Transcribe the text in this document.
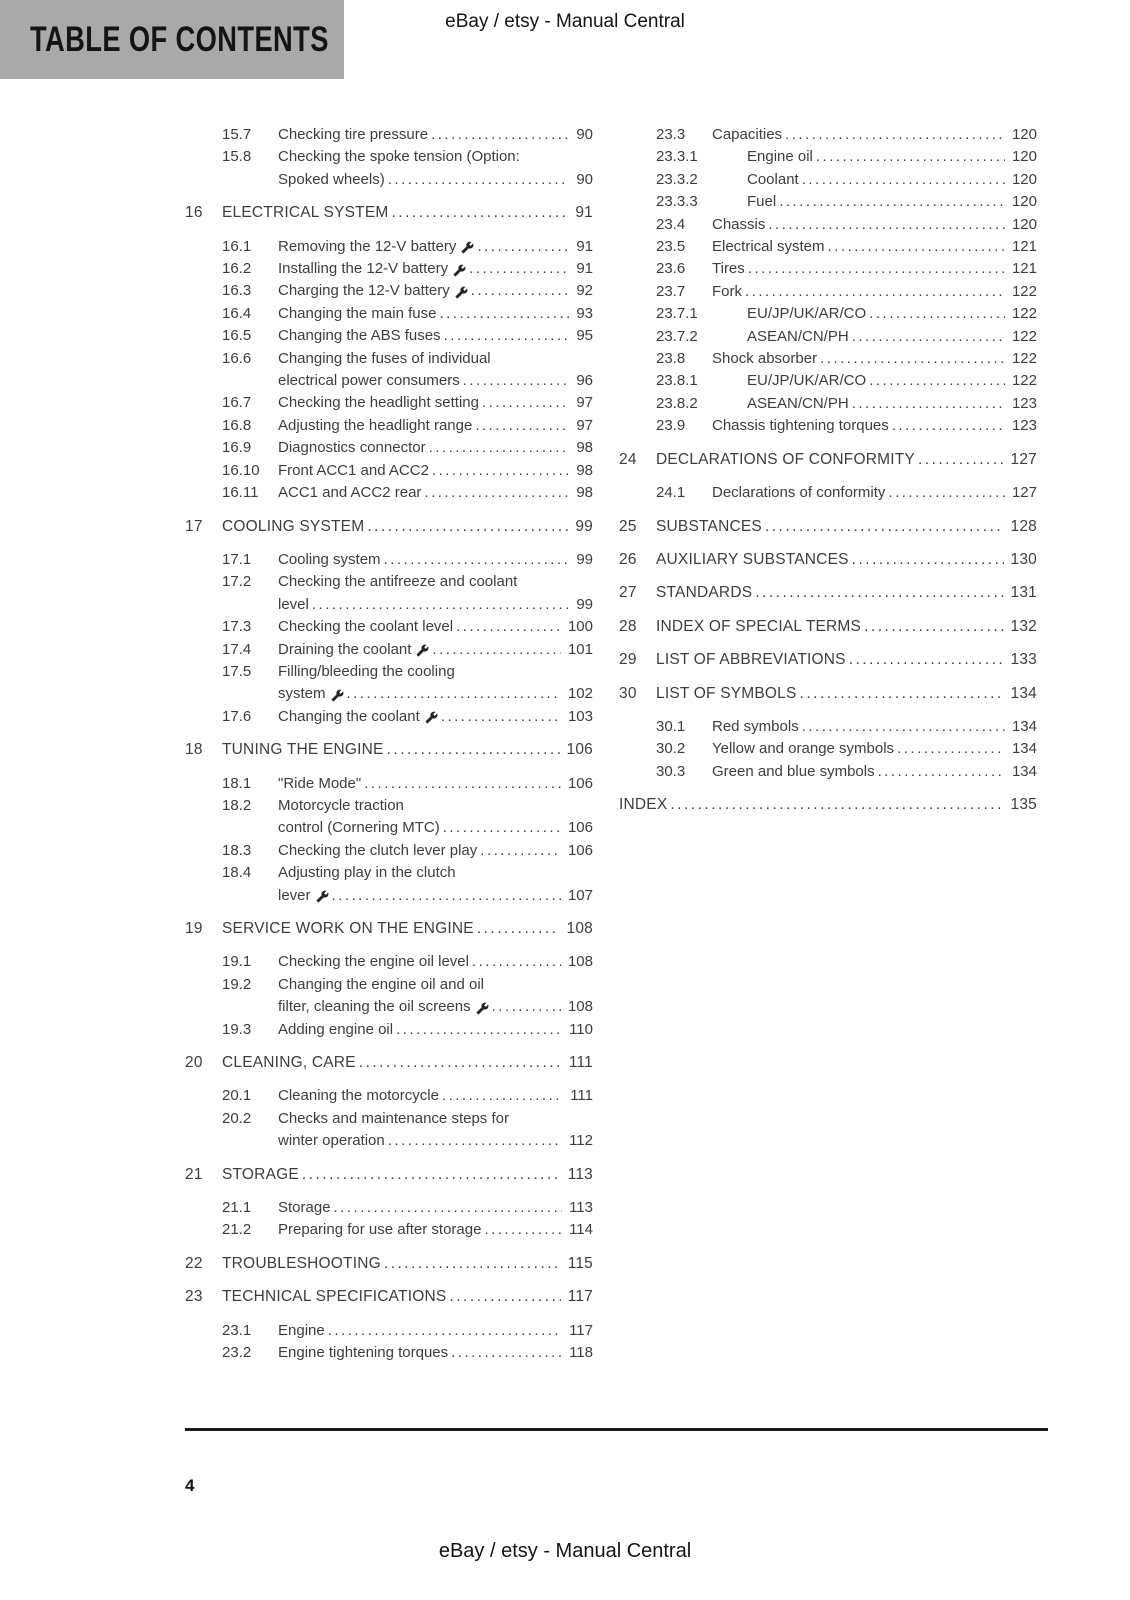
TABLE OF CONTENTS	eBay / etsy - Manual Central
15.7	Checking tire pressure .....	90
15.8	Checking the spoke tension (Option:
Spoked wheels) .....	90
16	ELECTRICAL SYSTEM .....	91
16.1	Removing the 12-V battery .....	91
16.2	Installing the 12-V battery .....	91
16.3	Charging the 12-V battery .....	92
16.4	Changing the main fuse .....	93
16.5	Changing the ABS fuses .....	95
16.6	Changing the fuses of individual
electrical power consumers .....	96
16.7	Checking the headlight setting .....	97
16.8	Adjusting the headlight range .....	97
16.9	Diagnostics connector .....	98
16.10	Front ACC1 and ACC2 .....	98
16.11	ACC1 and ACC2 rear .....	98
17	COOLING SYSTEM .....	99
17.1	Cooling system .....	99
17.2	Checking the antifreeze and coolant
level .....	99
17.3	Checking the coolant level .....	100
17.4	Draining the coolant .....	101
17.5	Filling/bleeding the cooling
system .....	102
17.6	Changing the coolant .....	103
18	TUNING THE ENGINE .....	106
18.1	"Ride Mode" .....	106
18.2	Motorcycle traction
control (Cornering MTC) .....	106
18.3	Checking the clutch lever play .....	106
18.4	Adjusting play in the clutch
lever .....	107
19	SERVICE WORK ON THE ENGINE .....	108
19.1	Checking the engine oil level .....	108
19.2	Changing the engine oil and oil
filter, cleaning the oil screens .....	108
19.3	Adding engine oil .....	110
20	CLEANING, CARE .....	111
20.1	Cleaning the motorcycle .....	111
20.2	Checks and maintenance steps for
winter operation .....	112
21	STORAGE .....	113
21.1	Storage .....	113
21.2	Preparing for use after storage .....	114
22	TROUBLESHOOTING .....	115
23	TECHNICAL SPECIFICATIONS .....	117
23.1	Engine .....	117
23.2	Engine tightening torques .....	118
23.3	Capacities .....	120
23.3.1	Engine oil .....	120
23.3.2	Coolant .....	120
23.3.3	Fuel .....	120
23.4	Chassis .....	120
23.5	Electrical system .....	121
23.6	Tires .....	121
23.7	Fork .....	122
23.7.1	EU/JP/UK/AR/CO .....	122
23.7.2	ASEAN/CN/PH .....	122
23.8	Shock absorber .....	122
23.8.1	EU/JP/UK/AR/CO .....	122
23.8.2	ASEAN/CN/PH .....	123
23.9	Chassis tightening torques .....	123
24	DECLARATIONS OF CONFORMITY .....	127
24.1	Declarations of conformity .....	127
25	SUBSTANCES .....	128
26	AUXILIARY SUBSTANCES .....	130
27	STANDARDS .....	131
28	INDEX OF SPECIAL TERMS .....	132
29	LIST OF ABBREVIATIONS .....	133
30	LIST OF SYMBOLS .....	134
30.1	Red symbols .....	134
30.2	Yellow and orange symbols .....	134
30.3	Green and blue symbols .....	134
INDEX .....	135
4
eBay / etsy - Manual Central
